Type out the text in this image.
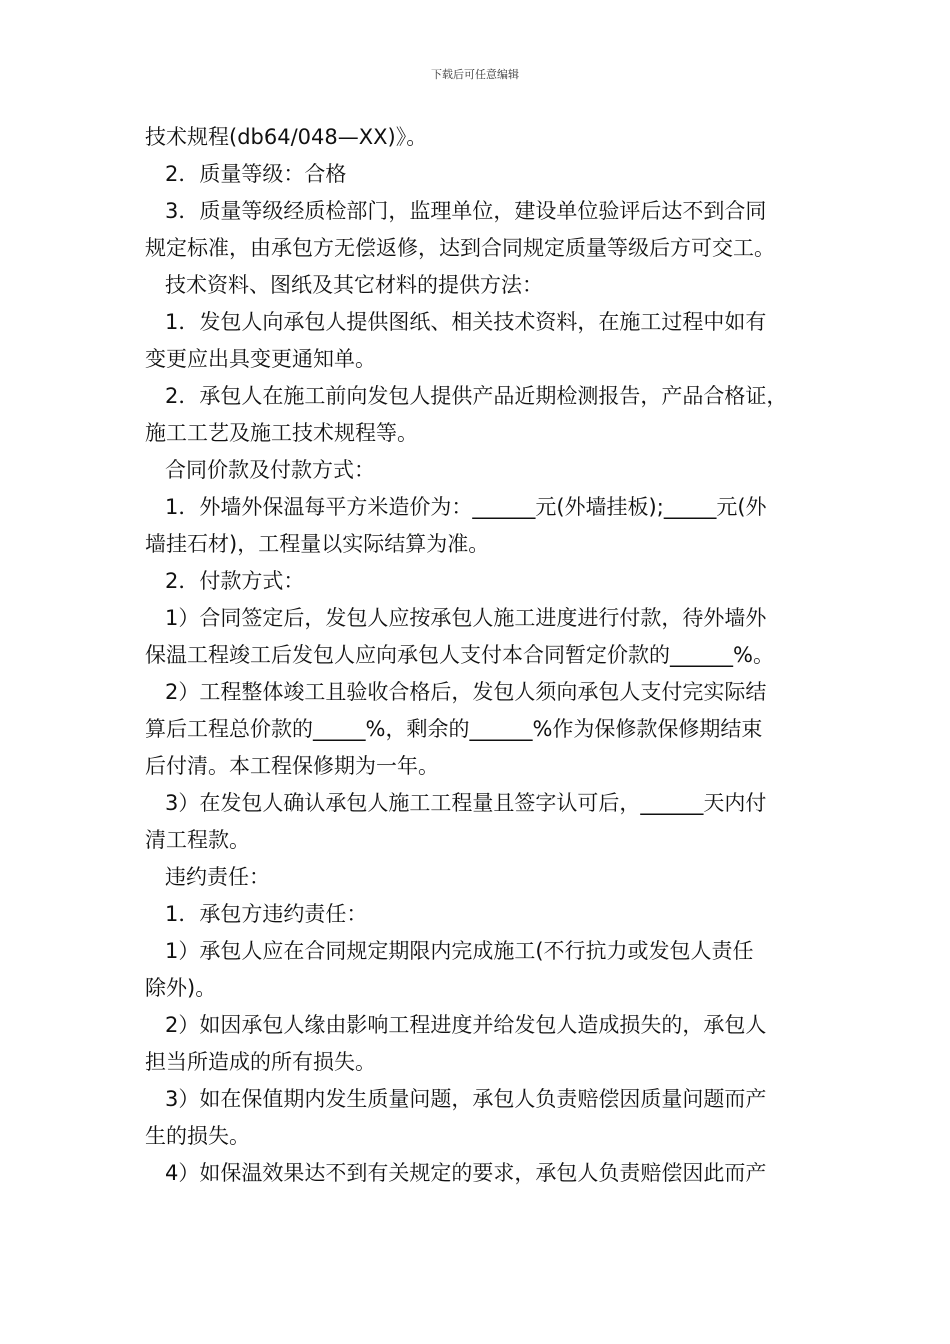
下载后可任意编辑
技术规程(db64/048—XX)》。
2．质量等级：合格
3．质量等级经质检部门，监理单位，建设单位验评后达不到合同
规定标准，由承包方无偿返修，达到合同规定质量等级后方可交工。
技术资料、图纸及其它材料的提供方法：
1．发包人向承包人提供图纸、相关技术资料，在施工过程中如有
变更应出具变更通知单。
2．承包人在施工前向发包人提供产品近期检测报告，产品合格证，
施工工艺及施工技术规程等。
合同价款及付款方式：
1．外墙外保温每平方米造价为：______元(外墙挂板);_____元(外
墙挂石材)，工程量以实际结算为准。
2．付款方式：
1）合同签定后，发包人应按承包人施工进度进行付款，待外墙外
保温工程竣工后发包人应向承包人支付本合同暂定价款的______%。
2）工程整体竣工且验收合格后，发包人须向承包人支付完实际结
算后工程总价款的_____%，剩余的______%作为保修款保修期结束
后付清。本工程保修期为一年。
3）在发包人确认承包人施工工程量且签字认可后，______天内付
清工程款。
违约责任：
1．承包方违约责任：
1）承包人应在合同规定期限内完成施工(不行抗力或发包人责任
除外)。
2）如因承包人缘由影响工程进度并给发包人造成损失的，承包人
担当所造成的所有损失。
3）如在保值期内发生质量问题，承包人负责赔偿因质量问题而产
生的损失。
4）如保温效果达不到有关规定的要求，承包人负责赔偿因此而产
